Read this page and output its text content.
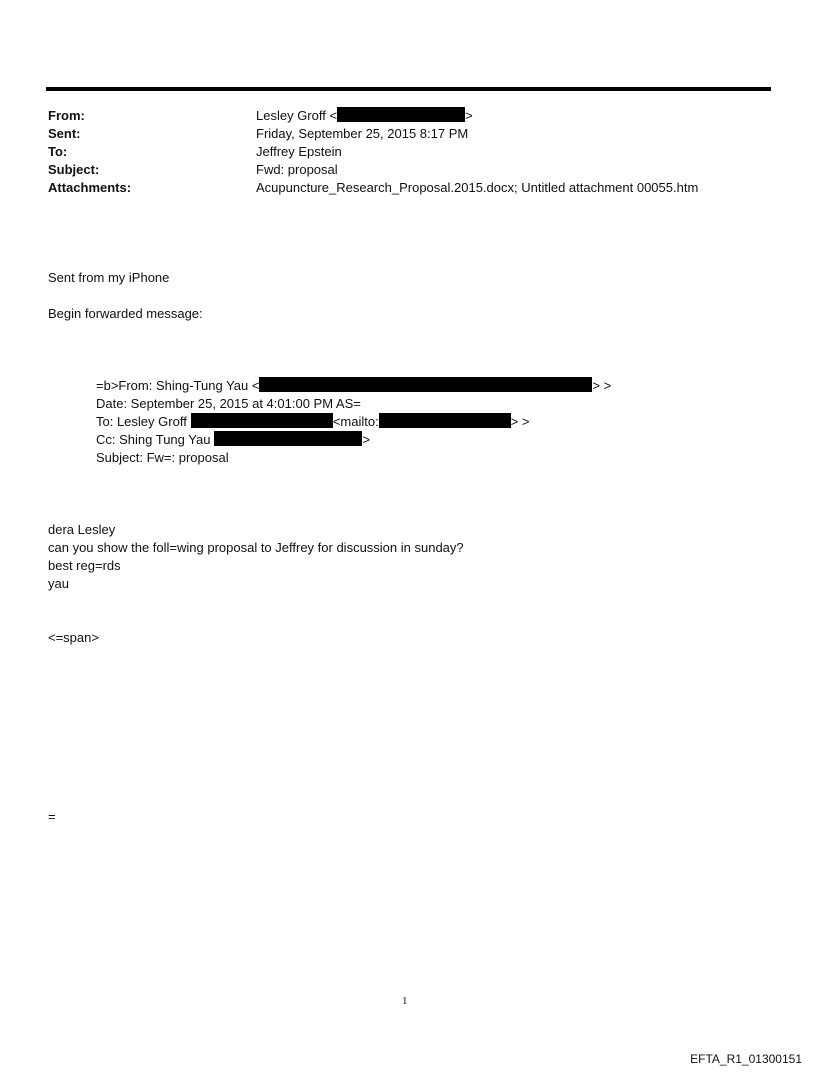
From:	Lesley Groff <	>
Sent:	Friday, September 25, 2015 8:17 PM
To:	Jeffrey Epstein
Subject:	Fwd: proposal
Attachments:	Acupuncture_Research_Proposal.2015.docx; Untitled attachment 00055.htm
Sent from my iPhone
Begin forwarded message:
=b>From: Shing-Tung Yau <	> >
Date: September 25, 2015 at 4:01:00 PM AS=
To: Lesley Groff	<mailto:	> >
Cc: Shing Tung Yau	>
Subject: Fw=: proposal
dera Lesley
can you show the foll=wing proposal to Jeffrey for discussion in sunday?
best reg=rds
yau
<=span>
=
1
EFTA_R1_01300151
